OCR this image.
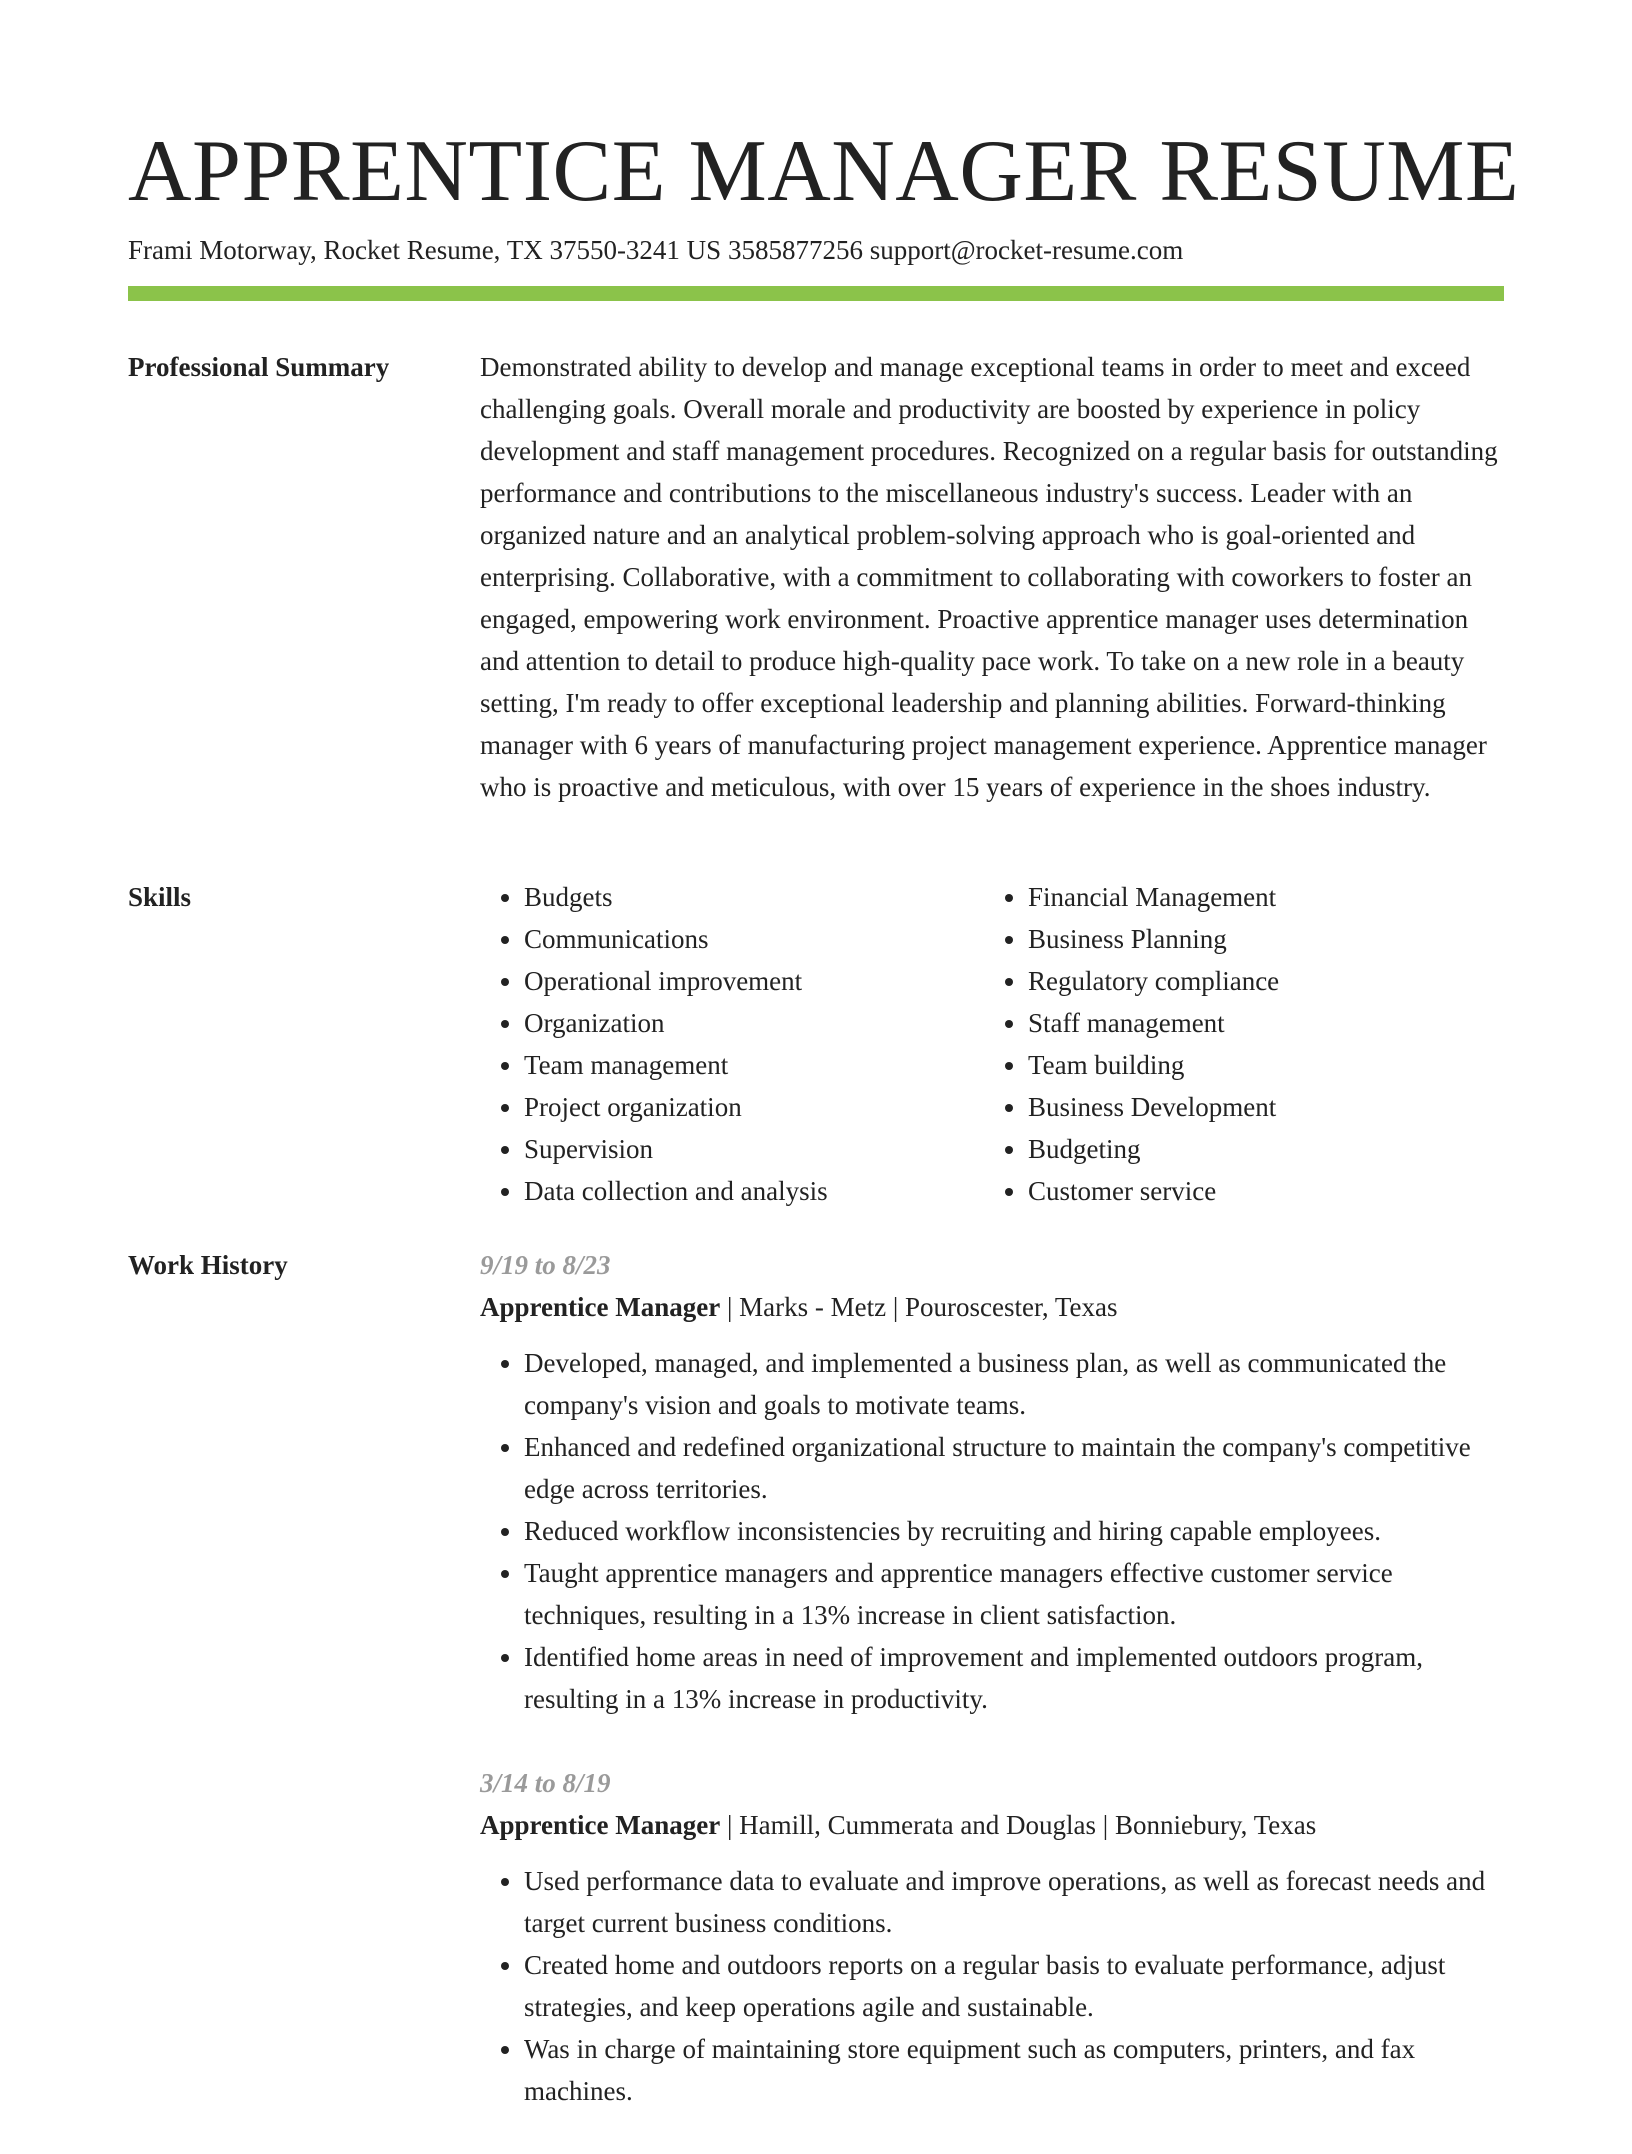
APPRENTICE MANAGER RESUME
Frami Motorway, Rocket Resume, TX 37550-3241 US 3585877256 support@rocket-resume.com
Professional Summary	Demonstrated ability to develop and manage exceptional teams in order to meet and exceed challenging goals. Overall morale and productivity are boosted by experience in policy development and staff management procedures. Recognized on a regular basis for outstanding performance and contributions to the miscellaneous industry's success. Leader with an organized nature and an analytical problem-solving approach who is goal-oriented and enterprising. Collaborative, with a commitment to collaborating with coworkers to foster an engaged, empowering work environment. Proactive apprentice manager uses determination and attention to detail to produce high-quality pace work. To take on a new role in a beauty setting, I'm ready to offer exceptional leadership and planning abilities. Forward-thinking manager with 6 years of manufacturing project management experience. Apprentice manager who is proactive and meticulous, with over 15 years of experience in the shoes industry.

Skills
•	Budgets
• Communications
• Operational improvement
• Organization
• Team management
• Project organization
• Supervision
• Data collection and analysis
• Financial Management
• Business Planning
• Regulatory compliance
• Staff management
• Team building
• Business Development
• Budgeting
• Customer service
Work History	9/19 to 8/23
Apprentice Manager | Marks - Metz | Pouroscester, Texas
• Developed, managed, and implemented a business plan, as well as communicated the company's vision and goals to motivate teams.
• Enhanced and redefined organizational structure to maintain the company's competitive edge across territories.
• Reduced workflow inconsistencies by recruiting and hiring capable employees.
• Taught apprentice managers and apprentice managers effective customer service techniques, resulting in a 13% increase in client satisfaction.
• Identified home areas in need of improvement and implemented outdoors program, resulting in a 13% increase in productivity.
3/14 to 8/19
Apprentice Manager | Hamill, Cummerata and Douglas | Bonniebury, Texas
• Used performance data to evaluate and improve operations, as well as forecast needs and target current business conditions.
• Created home and outdoors reports on a regular basis to evaluate performance, adjust strategies, and keep operations agile and sustainable.
• Was in charge of maintaining store equipment such as computers, printers, and fax machines.
